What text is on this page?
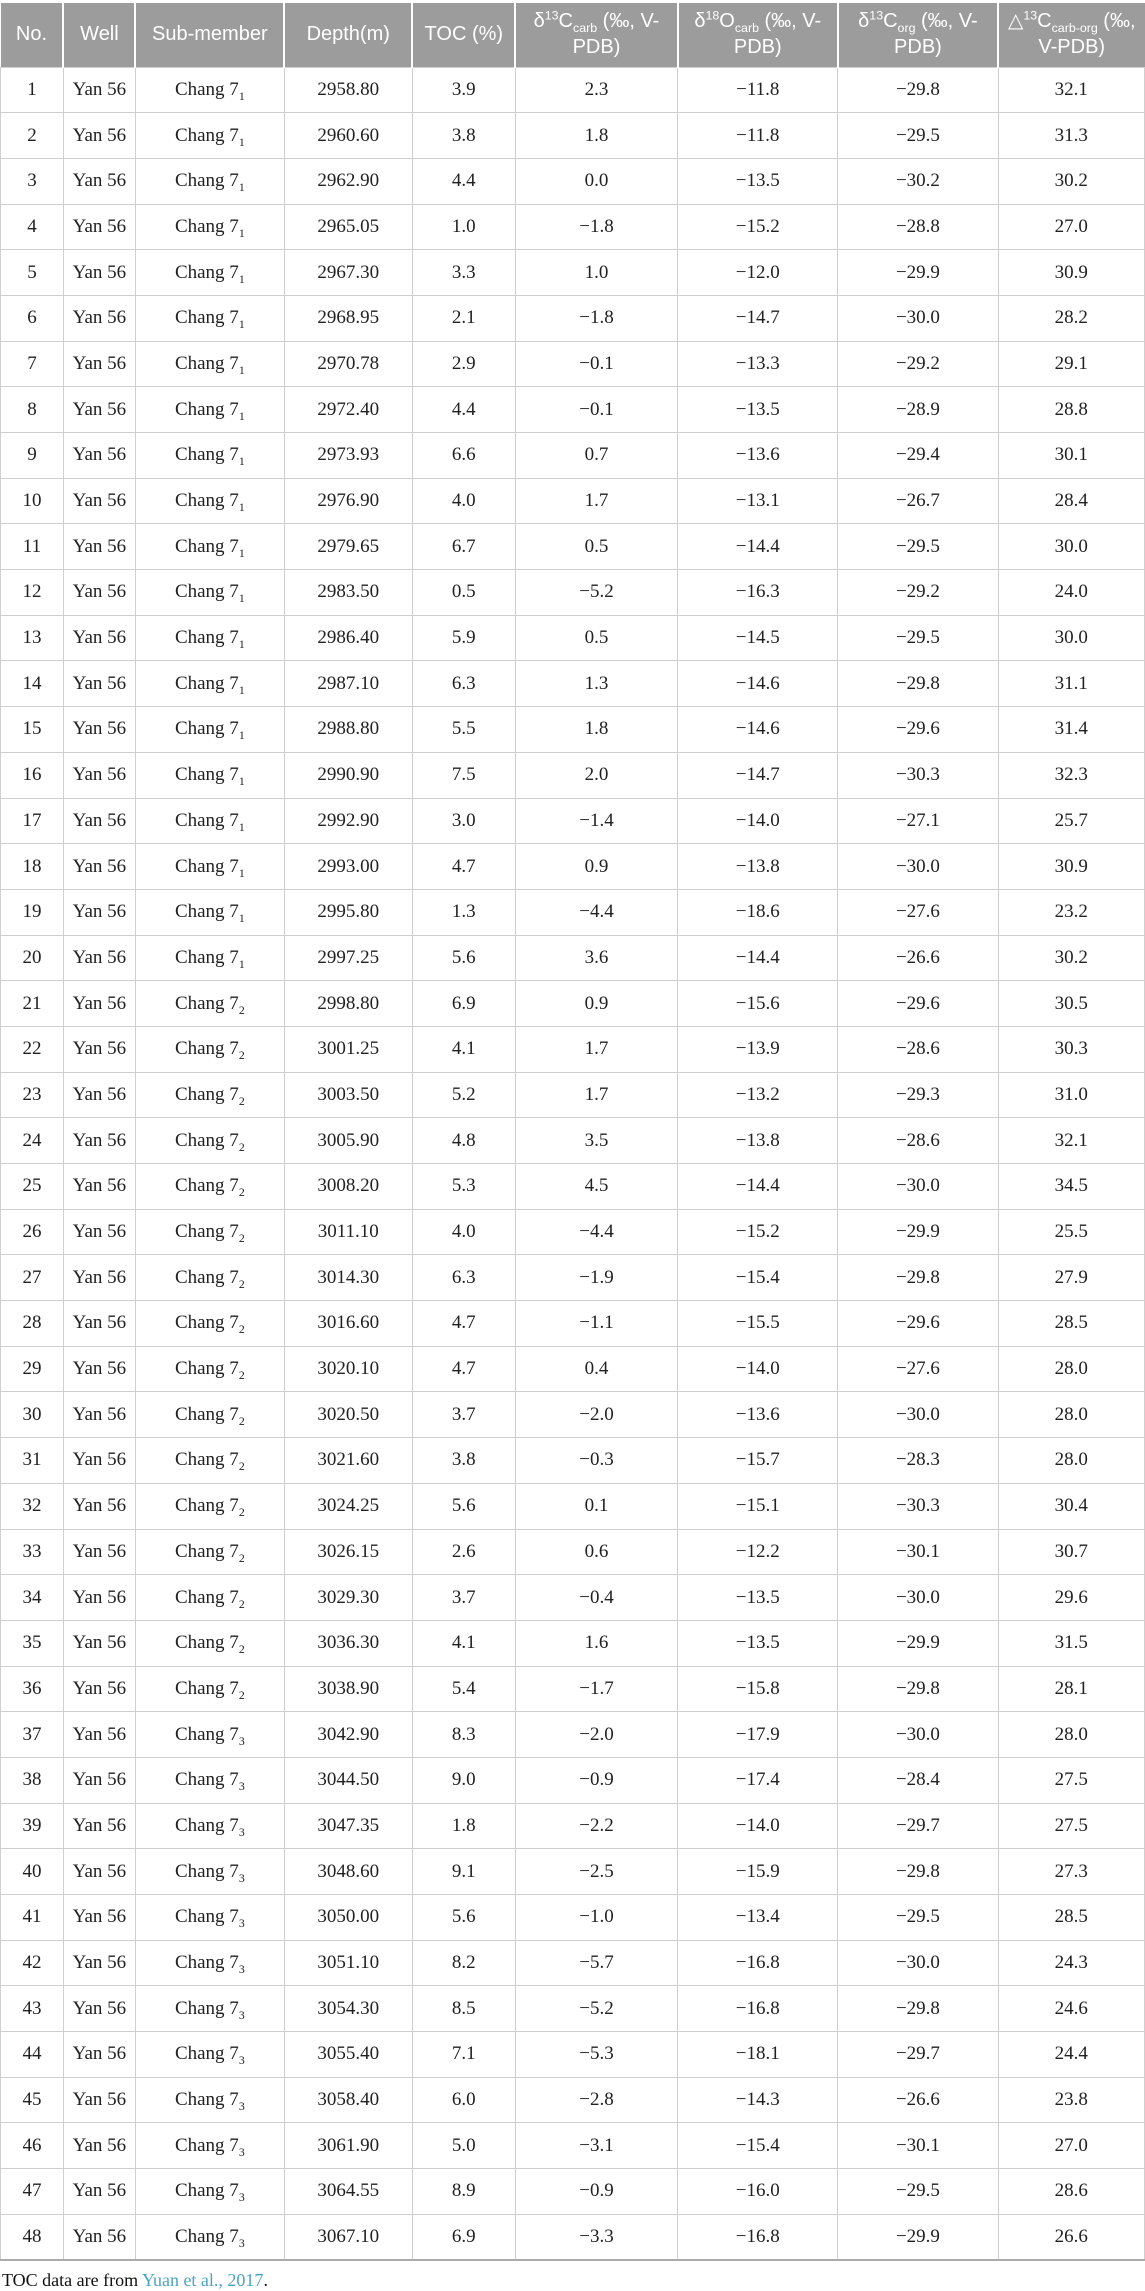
No.	Well	Sub-member	Depth(m)	TOC (%)	$\delta^{13}C_{carb}$ (‰, V-PDB)	$\delta^{18}O_{carb}$ (‰, V-PDB)	$\delta^{13}C_{org}$ (‰, V-PDB)	$\triangle^{13}C_{carb-org}$ (‰, V-PDB)
1	Yan 56	Chang $7_1$	2958.80	3.9	2.3	−11.8	−29.8	32.1
2	Yan 56	Chang $7_1$	2960.60	3.8	1.8	−11.8	−29.5	31.3
3	Yan 56	Chang $7_1$	2962.90	4.4	0.0	−13.5	−30.2	30.2
4	Yan 56	Chang $7_1$	2965.05	1.0	−1.8	−15.2	−28.8	27.0
5	Yan 56	Chang $7_1$	2967.30	3.3	1.0	−12.0	−29.9	30.9
6	Yan 56	Chang $7_1$	2968.95	2.1	−1.8	−14.7	−30.0	28.2
7	Yan 56	Chang $7_1$	2970.78	2.9	−0.1	−13.3	−29.2	29.1
8	Yan 56	Chang $7_1$	2972.40	4.4	−0.1	−13.5	−28.9	28.8
9	Yan 56	Chang $7_1$	2973.93	6.6	0.7	−13.6	−29.4	30.1
10	Yan 56	Chang $7_1$	2976.90	4.0	1.7	−13.1	−26.7	28.4
11	Yan 56	Chang $7_1$	2979.65	6.7	0.5	−14.4	−29.5	30.0
12	Yan 56	Chang $7_1$	2983.50	0.5	−5.2	−16.3	−29.2	24.0
13	Yan 56	Chang $7_1$	2986.40	5.9	0.5	−14.5	−29.5	30.0
14	Yan 56	Chang $7_1$	2987.10	6.3	1.3	−14.6	−29.8	31.1
15	Yan 56	Chang $7_1$	2988.80	5.5	1.8	−14.6	−29.6	31.4
16	Yan 56	Chang $7_1$	2990.90	7.5	2.0	−14.7	−30.3	32.3
17	Yan 56	Chang $7_1$	2992.90	3.0	−1.4	−14.0	−27.1	25.7
18	Yan 56	Chang $7_1$	2993.00	4.7	0.9	−13.8	−30.0	30.9
19	Yan 56	Chang $7_1$	2995.80	1.3	−4.4	−18.6	−27.6	23.2
20	Yan 56	Chang $7_1$	2997.25	5.6	3.6	−14.4	−26.6	30.2
21	Yan 56	Chang $7_2$	2998.80	6.9	0.9	−15.6	−29.6	30.5
22	Yan 56	Chang $7_2$	3001.25	4.1	1.7	−13.9	−28.6	30.3
23	Yan 56	Chang $7_2$	3003.50	5.2	1.7	−13.2	−29.3	31.0
24	Yan 56	Chang $7_2$	3005.90	4.8	3.5	−13.8	−28.6	32.1
25	Yan 56	Chang $7_2$	3008.20	5.3	4.5	−14.4	−30.0	34.5
26	Yan 56	Chang $7_2$	3011.10	4.0	−4.4	−15.2	−29.9	25.5
27	Yan 56	Chang $7_2$	3014.30	6.3	−1.9	−15.4	−29.8	27.9
28	Yan 56	Chang $7_2$	3016.60	4.7	−1.1	−15.5	−29.6	28.5
29	Yan 56	Chang $7_2$	3020.10	4.7	0.4	−14.0	−27.6	28.0
30	Yan 56	Chang $7_2$	3020.50	3.7	−2.0	−13.6	−30.0	28.0
31	Yan 56	Chang $7_2$	3021.60	3.8	−0.3	−15.7	−28.3	28.0
32	Yan 56	Chang $7_2$	3024.25	5.6	0.1	−15.1	−30.3	30.4
33	Yan 56	Chang $7_2$	3026.15	2.6	0.6	−12.2	−30.1	30.7
34	Yan 56	Chang $7_2$	3029.30	3.7	−0.4	−13.5	−30.0	29.6
35	Yan 56	Chang $7_2$	3036.30	4.1	1.6	−13.5	−29.9	31.5
36	Yan 56	Chang $7_2$	3038.90	5.4	−1.7	−15.8	−29.8	28.1
37	Yan 56	Chang $7_3$	3042.90	8.3	−2.0	−17.9	−30.0	28.0
38	Yan 56	Chang $7_3$	3044.50	9.0	−0.9	−17.4	−28.4	27.5
39	Yan 56	Chang $7_3$	3047.35	1.8	−2.2	−14.0	−29.7	27.5
40	Yan 56	Chang $7_3$	3048.60	9.1	−2.5	−15.9	−29.8	27.3
41	Yan 56	Chang $7_3$	3050.00	5.6	−1.0	−13.4	−29.5	28.5
42	Yan 56	Chang $7_3$	3051.10	8.2	−5.7	−16.8	−30.0	24.3
43	Yan 56	Chang $7_3$	3054.30	8.5	−5.2	−16.8	−29.8	24.6
44	Yan 56	Chang $7_3$	3055.40	7.1	−5.3	−18.1	−29.7	24.4
45	Yan 56	Chang $7_3$	3058.40	6.0	−2.8	−14.3	−26.6	23.8
46	Yan 56	Chang $7_3$	3061.90	5.0	−3.1	−15.4	−30.1	27.0
47	Yan 56	Chang $7_3$	3064.55	8.9	−0.9	−16.0	−29.5	28.6
48	Yan 56	Chang $7_3$	3067.10	6.9	−3.3	−16.8	−29.9	26.6

TOC data are from Yuan et al., 2017.
